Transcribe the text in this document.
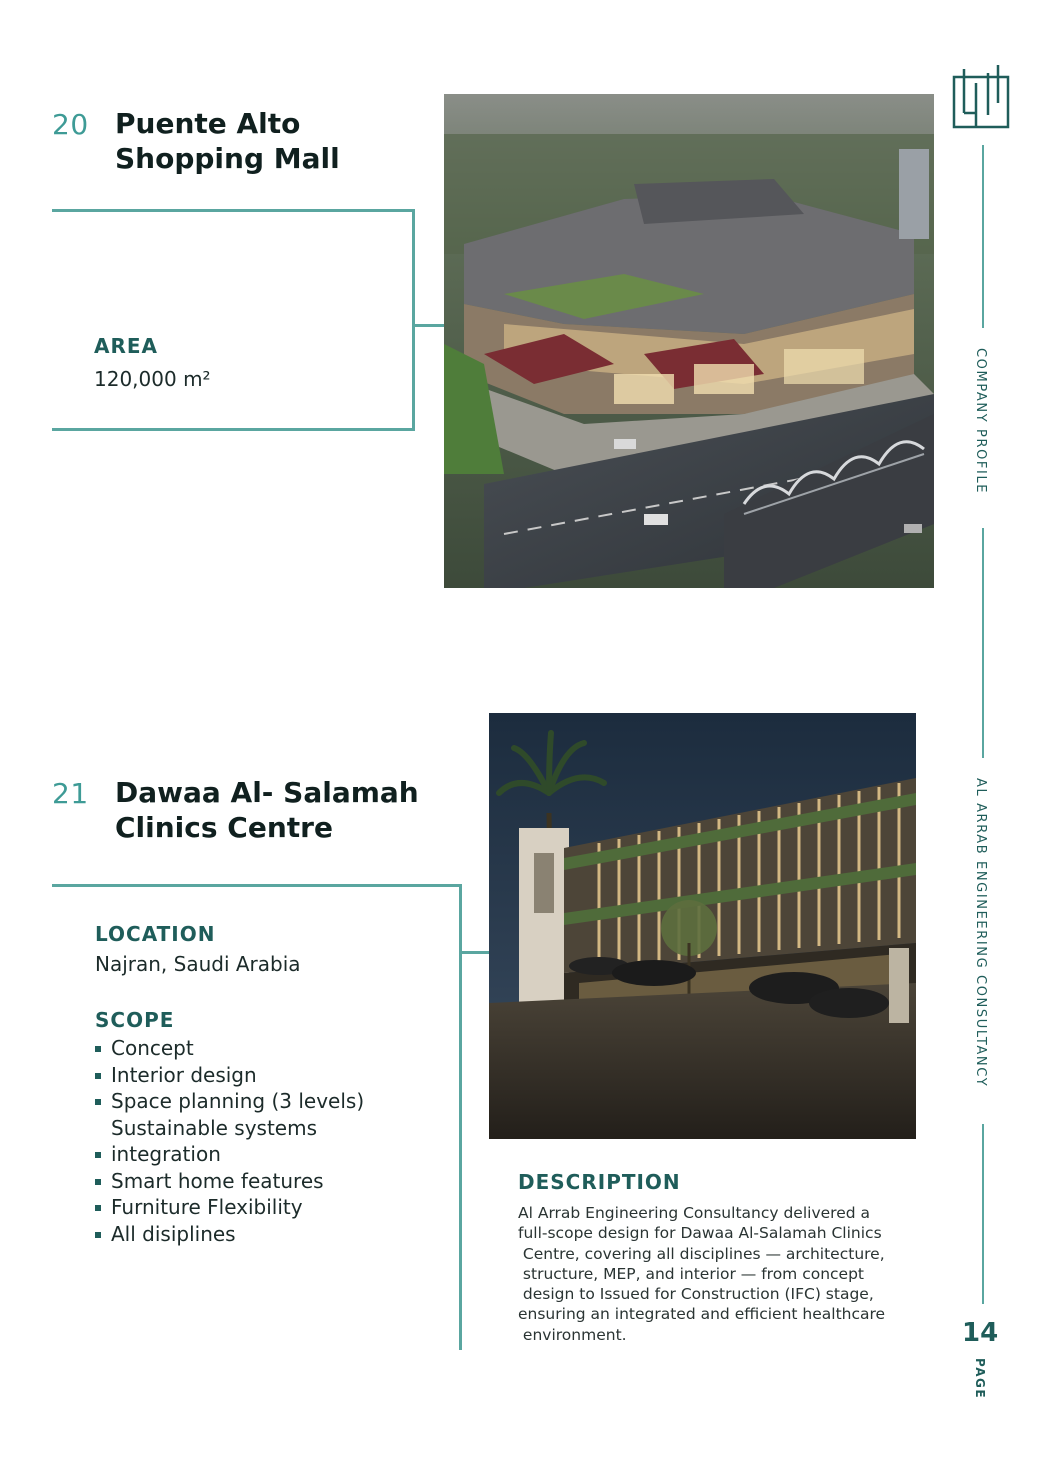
20 Puente Alto
Shopping Mall
AREA
120,000 m²
21 Dawaa Al- Salamah
Clinics Centre
LOCATION
Najran, Saudi Arabia
SCOPE
Concept
Interior design
Space planning (3 levels)
Sustainable systems
integration
Smart home features
Furniture Flexibility
All disiplines
DESCRIPTION
Al Arrab Engineering Consultancy delivered a
full-scope design for Dawaa Al-Salamah Clinics
Centre, covering all disciplines — architecture,
structure, MEP, and interior — from concept
design to Issued for Construction (IFC) stage,
ensuring an integrated and efficient healthcare
environment.
COMPANY PROFILE
AL ARRAB ENGINEERING CONSULTANCY
14
PAGE
